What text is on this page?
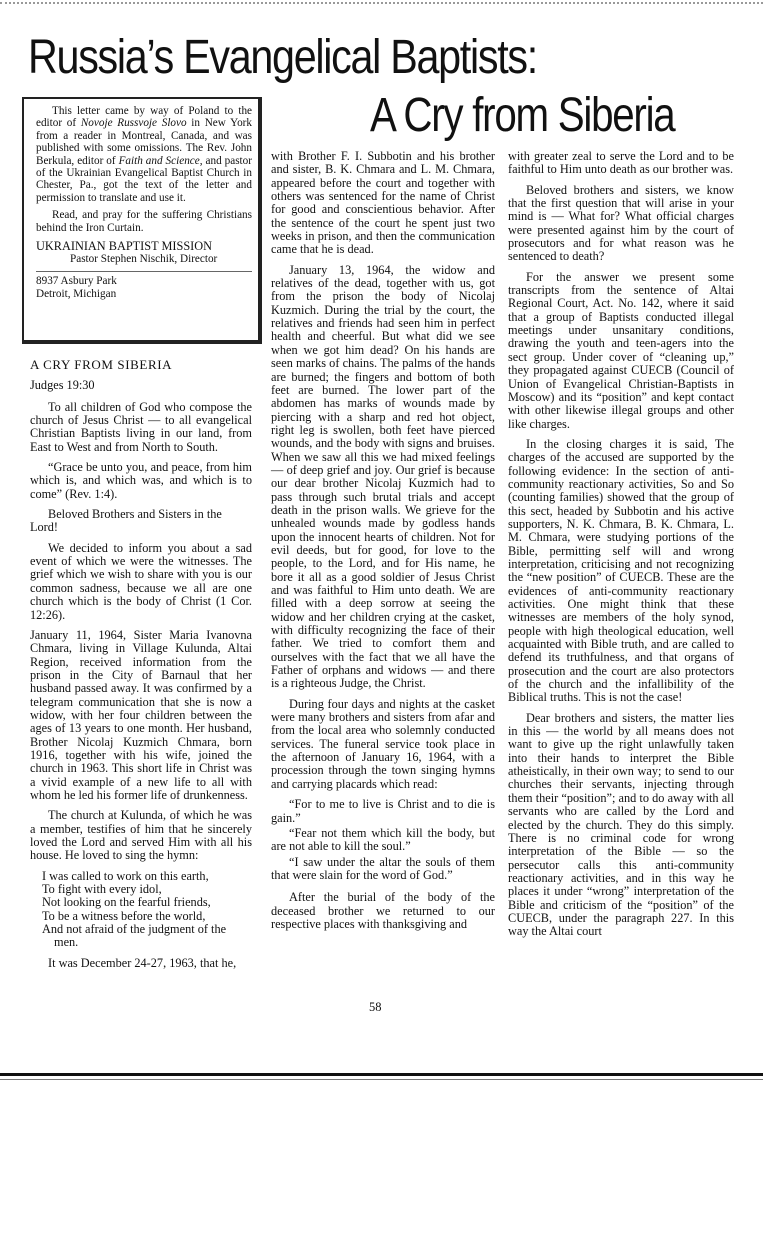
Russia’s Evangelical Baptists:
A Cry from Siberia

This letter came by way of Poland to the editor of Novoje Russvoje Slovo in New York from a reader in Montreal, Canada, and was published with some omissions. The Rev. John Berkula, editor of Faith and Science, and pastor of the Ukrainian Evangelical Baptist Church in Chester, Pa., got the text of the letter and permission to translate and use it.

Read, and pray for the suffering Christians behind the Iron Curtain.

UKRAINIAN BAPTIST MISSION
Pastor Stephen Nischik, Director
8937 Asbury Park
Detroit, Michigan
A CRY FROM SIBERIA
Judges 19:30

To all children of God who compose the church of Jesus Christ — to all evangelical Christian Baptists living in our land, from East to West and from North to South.

“Grace be unto you, and peace, from him which is, and which was, and which is to come” (Rev. 1:4).

Beloved Brothers and Sisters in the Lord!

We decided to inform you about a sad event of which we were the witnesses. The grief which we wish to share with you is our common sadness, because we all are one church which is the body of Christ (1 Cor. 12:26).

January 11, 1964, Sister Maria Ivanovna Chmara, living in Village Kulunda, Altai Region, received information from the prison in the City of Barnaul that her husband passed away. It was confirmed by a telegram communication that she is now a widow, with her four children between the ages of 13 years to one month. Her husband, Brother Nicolaj Kuzmich Chmara, born 1916, together with his wife, joined the church in 1963. This short life in Christ was a vivid example of a new life to all with whom he led his former life of drunkenness.

The church at Kulunda, of which he was a member, testifies of him that he sincerely loved the Lord and served Him with all his house. He loved to sing the hymn:

I was called to work on this earth,

To fight with every idol,

Not looking on the fearful friends,

To be a witness before the world,

And not afraid of the judgment of the men.

It was December 24-27, 1963, that he,

with Brother F. I. Subbotin and his brother and sister, B. K. Chmara and L. M. Chmara, appeared before the court and together with others was sentenced for the name of Christ for good and conscientious behavior. After the sentence of the court he spent just two weeks in prison, and then the communication came that he is dead.

January 13, 1964, the widow and relatives of the dead, together with us, got from the prison the body of Nicolaj Kuzmich. During the trial by the court, the relatives and friends had seen him in perfect health and cheerful. But what did we see when we got him dead? On his hands are seen marks of chains. The palms of the hands are burned; the fingers and bottom of both feet are burned. The lower part of the abdomen has marks of wounds made by piercing with a sharp and red hot object, right leg is swollen, both feet have pierced wounds, and the body with signs and bruises. When we saw all this we had mixed feelings — of deep grief and joy. Our grief is because our dear brother Nicolaj Kuzmich had to pass through such brutal trials and accept death in the prison walls. We grieve for the unhealed wounds made by godless hands upon the innocent hearts of children. Not for evil deeds, but for good, for love to the people, to the Lord, and for His name, he bore it all as a good soldier of Jesus Christ and was faithful to Him unto death. We are filled with a deep sorrow at seeing the widow and her children crying at the casket, with difficulty recognizing the face of their father. We tried to comfort them and ourselves with the fact that we all have the Father of orphans and widows — and there is a righteous Judge, the Christ.

During four days and nights at the casket were many brothers and sisters from afar and from the local area who solemnly conducted services. The funeral service took place in the afternoon of January 16, 1964, with a procession through the town singing hymns and carrying placards which read:

“For to me to live is Christ and to die is gain.”

“Fear not them which kill the body, but are not able to kill the soul.”

“I saw under the altar the souls of them that were slain for the word of God.”

After the burial of the body of the deceased brother we returned to our respective places with thanksgiving and

with greater zeal to serve the Lord and to be faithful to Him unto death as our brother was.

Beloved brothers and sisters, we know that the first question that will arise in your mind is — What for? What official charges were presented against him by the court of prosecutors and for what reason was he sentenced to death?

For the answer we present some transcripts from the sentence of Altai Regional Court, Act. No. 142, where it said that a group of Baptists conducted illegal meetings under unsanitary conditions, drawing the youth and teen-agers into the sect group. Under cover of “cleaning up,” they propagated against CUECB (Council of Union of Evangelical Christian-Baptists in Moscow) and its “position” and kept contact with other likewise illegal groups and other like charges.

In the closing charges it is said, The charges of the accused are supported by the following evidence: In the section of anti-community reactionary activities, So and So (counting families) showed that the group of this sect, headed by Subbotin and his active supporters, N. K. Chmara, B. K. Chmara, L. M. Chmara, were studying portions of the Bible, permitting self will and wrong interpretation, criticising and not recognizing the “new position” of CUECB. These are the evidences of anti-community reactionary activities. One might think that these witnesses are members of the holy synod, people with high theological education, well acquainted with Bible truth, and are called to defend its truthfulness, and that organs of prosecution and the court are also protectors of the church and the infallibility of the Biblical truths. This is not the case!

Dear brothers and sisters, the matter lies in this — the world by all means does not want to give up the right unlawfully taken into their hands to interpret the Bible atheistically, in their own way; to send to our churches their servants, injecting through them their “position”; and to do away with all servants who are called by the Lord and elected by the church. They do this simply. There is no criminal code for wrong interpretation of the Bible — so the persecutor calls this anti-community reactionary activities, and in this way he places it under “wrong” interpretation of the Bible and criticism of the “position” of the CUECB, under the paragraph 227. In this way the Altai court

58
